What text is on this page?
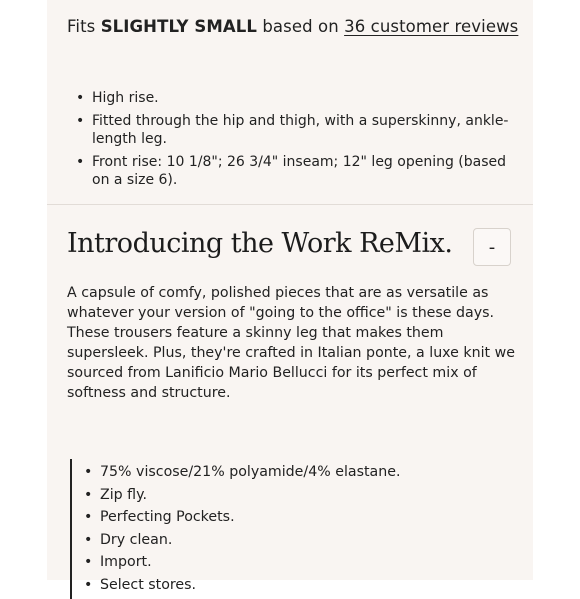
Fits SLIGHTLY SMALL based on 36 customer reviews
• High rise.
• Fitted through the hip and thigh, with a superskinny, ankle-length leg.
• Front rise: 10 1/8"; 26 3/4" inseam; 12" leg opening (based on a size 6).
Introducing the Work ReMix. -

A capsule of comfy, polished pieces that are as versatile as whatever your version of "going to the office" is these days. These trousers feature a skinny leg that makes them supersleek. Plus, they're crafted in Italian ponte, a luxe knit we sourced from Lanificio Mario Bellucci for its perfect mix of softness and structure.

• 75% viscose/21% polyamide/4% elastane.
• Zip fly.
• Perfecting Pockets.
• Dry clean.
• Import.
• Select stores.
